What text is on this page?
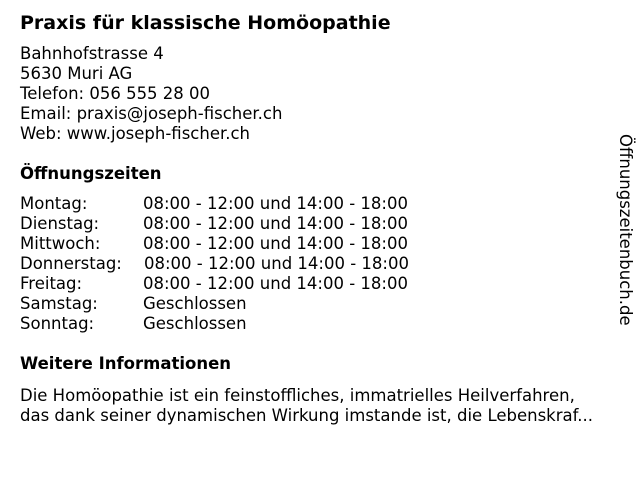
Praxis für klassische Homöopathie
Bahnhofstrasse 4
5630 Muri AG
Telefon: 056 555 28 00
Email: praxis@joseph-fischer.ch
Web: www.joseph-fischer.ch
Öffnungszeiten
Montag:	08:00 - 12:00 und 14:00 - 18:00
Dienstag:	08:00 - 12:00 und 14:00 - 18:00
Mittwoch:	08:00 - 12:00 und 14:00 - 18:00
Donnerstag:	08:00 - 12:00 und 14:00 - 18:00
Freitag:	08:00 - 12:00 und 14:00 - 18:00
Samstag:	Geschlossen
Sonntag:	Geschlossen
Weitere Informationen
Die Homöopathie ist ein feinstoffliches, immatrielles Heilverfahren,
das dank seiner dynamischen Wirkung imstande ist, die Lebenskraf...
Öffnungszeitenbuch.de
